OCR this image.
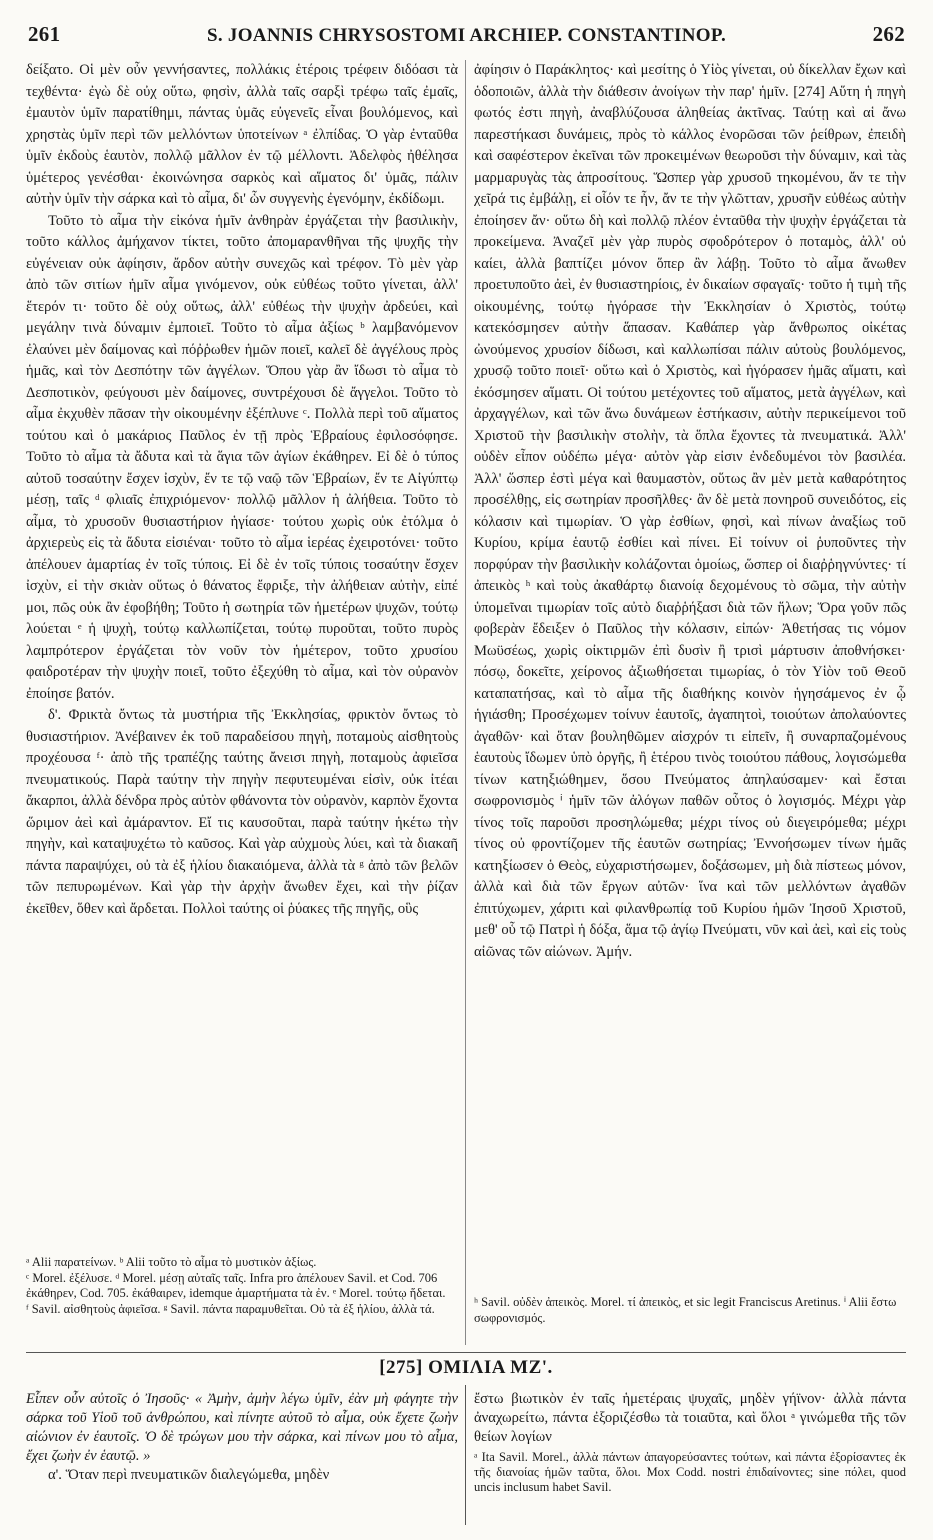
261	S. JOANNIS CHRYSOSTOMI ARCHIEP. CONSTANTINOP.	262

δείξατο. Οἱ μὲν οὖν γεννήσαντες, πολλάκις ἑτέροις τρέφειν διδόασι τὰ τεχθέντα· ἐγὼ δὲ οὐχ οὕτω, φησὶν, ἀλλὰ ταῖς σαρξὶ τρέφω ταῖς ἐμαῖς, ἐμαυτὸν ὑμῖν παρατίθημι, πάντας ὑμᾶς εὐγενεῖς εἶναι βουλόμενος, καὶ χρηστὰς ὑμῖν περὶ τῶν μελλόντων ὑποτείνων ᵃ ἐλπίδας. Ὁ γὰρ ἐνταῦθα ὑμῖν ἐκδοὺς ἑαυτὸν, πολλῷ μᾶλλον ἐν τῷ μέλλοντι. Ἀδελφὸς ἠθέλησα ὑμέτερος γενέσθαι· ἐκοινώνησα σαρκὸς καὶ αἵματος δι' ὑμᾶς, πάλιν αὐτὴν ὑμῖν τὴν σάρκα καὶ τὸ αἷμα, δι' ὧν συγγενὴς ἐγενόμην, ἐκδίδωμι.

Τοῦτο τὸ αἷμα τὴν εἰκόνα ἡμῖν ἀνθηρὰν ἐργάζεται τὴν βασιλικὴν, τοῦτο κάλλος ἀμήχανον τίκτει, τοῦτο ἀπομαρανθῆναι τῆς ψυχῆς τὴν εὐγένειαν οὐκ ἀφίησιν, ἄρδον αὐτὴν συνεχῶς καὶ τρέφον. Τὸ μὲν γὰρ ἀπὸ τῶν σιτίων ἡμῖν αἷμα γινόμενον, οὐκ εὐθέως τοῦτο γίνεται, ἀλλ' ἕτερόν τι· τοῦτο δὲ οὐχ οὕτως, ἀλλ' εὐθέως τὴν ψυχὴν ἀρδεύει, καὶ μεγάλην τινὰ δύναμιν ἐμποιεῖ. Τοῦτο τὸ αἷμα ἀξίως ᵇ λαμβανόμενον ἐλαύνει μὲν δαίμονας καὶ πόῤῥωθεν ἡμῶν ποιεῖ, καλεῖ δὲ ἀγγέλους πρὸς ἡμᾶς, καὶ τὸν Δεσπότην τῶν ἀγγέλων. Ὅπου γὰρ ἂν ἴδωσι τὸ αἷμα τὸ Δεσποτικὸν, φεύγουσι μὲν δαίμονες, συντρέχουσι δὲ ἄγγελοι. Τοῦτο τὸ αἷμα ἐκχυθὲν πᾶσαν τὴν οἰκουμένην ἐξέπλυνε ᶜ. Πολλὰ περὶ τοῦ αἵματος τούτου καὶ ὁ μακάριος Παῦλος ἐν τῇ πρὸς Ἑβραίους ἐφιλοσόφησε. Τοῦτο τὸ αἷμα τὰ ἄδυτα καὶ τὰ ἅγια τῶν ἁγίων ἐκάθηρεν. Εἰ δὲ ὁ τύπος αὐτοῦ τοσαύτην ἔσχεν ἰσχὺν, ἔν τε τῷ ναῷ τῶν Ἑβραίων, ἔν τε Αἰγύπτῳ μέσῃ, ταῖς ᵈ φλιαῖς ἐπιχριόμενον· πολλῷ μᾶλλον ἡ ἀλήθεια. Τοῦτο τὸ αἷμα, τὸ χρυσοῦν θυσιαστήριον ἡγίασε· τούτου χωρὶς οὐκ ἐτόλμα ὁ ἀρχιερεὺς εἰς τὰ ἄδυτα εἰσιέναι· τοῦτο τὸ αἷμα ἱερέας ἐχειροτόνει· τοῦτο ἀπέλουεν ἁμαρτίας ἐν τοῖς τύποις. Εἰ δὲ ἐν τοῖς τύποις τοσαύτην ἔσχεν ἰσχὺν, εἰ τὴν σκιὰν οὕτως ὁ θάνατος ἔφριξε, τὴν ἀλήθειαν αὐτὴν, εἰπέ μοι, πῶς οὐκ ἂν ἐφοβήθη; Τοῦτο ἡ σωτηρία τῶν ἡμετέρων ψυχῶν, τούτῳ λούεται ᵉ ἡ ψυχὴ, τούτῳ καλλωπίζεται, τούτῳ πυροῦται, τοῦτο πυρὸς λαμπρότερον ἐργάζεται τὸν νοῦν τὸν ἡμέτερον, τοῦτο χρυσίου φαιδροτέραν τὴν ψυχὴν ποιεῖ, τοῦτο ἐξεχύθη τὸ αἷμα, καὶ τὸν οὐρανὸν ἐποίησε βατόν.

δ'. Φρικτὰ ὄντως τὰ μυστήρια τῆς Ἐκκλησίας, φρικτὸν ὄντως τὸ θυσιαστήριον. Ἀνέβαινεν ἐκ τοῦ παραδείσου πηγὴ, ποταμοὺς αἰσθητοὺς προχέουσα ᶠ· ἀπὸ τῆς τραπέζης ταύτης ἄνεισι πηγὴ, ποταμοὺς ἀφιεῖσα πνευματικούς. Παρὰ ταύτην τὴν πηγὴν πεφυτευμέναι εἰσὶν, οὐκ ἰτέαι ἄκαρποι, ἀλλὰ δένδρα πρὸς αὐτὸν φθάνοντα τὸν οὐρανὸν, καρπὸν ἔχοντα ὥριμον ἀεὶ καὶ ἀμάραντον. Εἴ τις καυσοῦται, παρὰ ταύτην ἡκέτω τὴν πηγὴν, καὶ καταψυχέτω τὸ καῦσος. Καὶ γὰρ αὐχμοὺς λύει, καὶ τὰ διακαῆ πάντα παραψύχει, οὐ τὰ ἐξ ἡλίου διακαιόμενα, ἀλλὰ τὰ ᵍ ἀπὸ τῶν βελῶν τῶν πεπυρωμένων. Καὶ γὰρ τὴν ἀρχὴν ἄνωθεν ἔχει, καὶ τὴν ῥίζαν ἐκεῖθεν, ὅθεν καὶ ἄρδεται. Πολλοὶ ταύτης οἱ ῥύακες τῆς πηγῆς, οὓς

ἀφίησιν ὁ Παράκλητος· καὶ μεσίτης ὁ Υἱὸς γίνεται, οὐ δίκελλαν ἔχων καὶ ὁδοποιῶν, ἀλλὰ τὴν διάθεσιν ἀνοίγων τὴν παρ' ἡμῖν. [274] Αὕτη ἡ πηγὴ φωτός ἐστι πηγὴ, ἀναβλύζουσα ἀληθείας ἀκτῖνας. Ταύτῃ καὶ αἱ ἄνω παρεστήκασι δυνάμεις, πρὸς τὸ κάλλος ἐνορῶσαι τῶν ῥείθρων, ἐπειδὴ καὶ σαφέστερον ἐκεῖναι τῶν προκειμένων θεωροῦσι τὴν δύναμιν, καὶ τὰς μαρμαρυγὰς τὰς ἀπροσίτους. Ὥσπερ γὰρ χρυσοῦ τηκομένου, ἄν τε τὴν χεῖρά τις ἐμβάλῃ, εἰ οἷόν τε ἦν, ἄν τε τὴν γλῶτταν, χρυσῆν εὐθέως αὐτὴν ἐποίησεν ἄν· οὕτω δὴ καὶ πολλῷ πλέον ἐνταῦθα τὴν ψυχὴν ἐργάζεται τὰ προκείμενα. Ἀναζεῖ μὲν γὰρ πυρὸς σφοδρότερον ὁ ποταμὸς, ἀλλ' οὐ καίει, ἀλλὰ βαπτίζει μόνον ὅπερ ἂν λάβῃ. Τοῦτο τὸ αἷμα ἄνωθεν προετυποῦτο ἀεὶ, ἐν θυσιαστηρίοις, ἐν δικαίων σφαγαῖς· τοῦτο ἡ τιμὴ τῆς οἰκουμένης, τούτῳ ἠγόρασε τὴν Ἐκκλησίαν ὁ Χριστὸς, τούτῳ κατεκόσμησεν αὐτὴν ἅπασαν. Καθάπερ γὰρ ἄνθρωπος οἰκέτας ὠνούμενος χρυσίον δίδωσι, καὶ καλλωπίσαι πάλιν αὐτοὺς βουλόμενος, χρυσῷ τοῦτο ποιεῖ· οὕτω καὶ ὁ Χριστὸς, καὶ ἠγόρασεν ἡμᾶς αἵματι, καὶ ἐκόσμησεν αἵματι. Οἱ τούτου μετέχοντες τοῦ αἵματος, μετὰ ἀγγέλων, καὶ ἀρχαγγέλων, καὶ τῶν ἄνω δυνάμεων ἑστήκασιν, αὐτὴν περικείμενοι τοῦ Χριστοῦ τὴν βασιλικὴν στολὴν, τὰ ὅπλα ἔχοντες τὰ πνευματικά. Ἀλλ' οὐδὲν εἶπον οὐδέπω μέγα· αὐτὸν γὰρ εἰσιν ἐνδεδυμένοι τὸν βασιλέα. Ἀλλ' ὥσπερ ἐστὶ μέγα καὶ θαυμαστὸν, οὕτως ἂν μὲν μετὰ καθαρότητος προσέλθῃς, εἰς σωτηρίαν προσῆλθες· ἂν δὲ μετὰ πονηροῦ συνειδότος, εἰς κόλασιν καὶ τιμωρίαν. Ὁ γὰρ ἐσθίων, φησὶ, καὶ πίνων ἀναξίως τοῦ Κυρίου, κρίμα ἑαυτῷ ἐσθίει καὶ πίνει. Εἰ τοίνυν οἱ ῥυποῦντες τὴν πορφύραν τὴν βασιλικὴν κολάζονται ὁμοίως, ὥσπερ οἱ διαῤῥηγνύντες· τί ἀπεικὸς ʰ καὶ τοὺς ἀκαθάρτῳ διανοίᾳ δεχομένους τὸ σῶμα, τὴν αὐτὴν ὑπομεῖναι τιμωρίαν τοῖς αὐτὸ διαῤῥήξασι διὰ τῶν ἥλων; Ὅρα γοῦν πῶς φοβερὰν ἔδειξεν ὁ Παῦλος τὴν κόλασιν, εἰπών· Ἀθετήσας τις νόμον Μωϋσέως, χωρὶς οἰκτιρμῶν ἐπὶ δυσὶν ἢ τρισὶ μάρτυσιν ἀποθνήσκει· πόσῳ, δοκεῖτε, χείρονος ἀξιωθήσεται τιμωρίας, ὁ τὸν Υἱὸν τοῦ Θεοῦ καταπατήσας, καὶ τὸ αἷμα τῆς διαθήκης κοινὸν ἡγησάμενος ἐν ᾧ ἡγιάσθη; Προσέχωμεν τοίνυν ἑαυτοῖς, ἀγαπητοὶ, τοιούτων ἀπολαύοντες ἀγαθῶν· καὶ ὅταν βουληθῶμεν αἰσχρόν τι εἰπεῖν, ἢ συναρπαζομένους ἑαυτοὺς ἴδωμεν ὑπὸ ὀργῆς, ἢ ἑτέρου τινὸς τοιούτου πάθους, λογισώμεθα τίνων κατηξιώθημεν, ὅσου Πνεύματος ἀπηλαύσαμεν· καὶ ἔσται σωφρονισμὸς ⁱ ἡμῖν τῶν ἀλόγων παθῶν οὗτος ὁ λογισμός. Μέχρι γὰρ τίνος τοῖς παροῦσι προσηλώμεθα; μέχρι τίνος οὐ διεγειρόμεθα; μέχρι τίνος οὐ φροντίζομεν τῆς ἑαυτῶν σωτηρίας; Ἐννοήσωμεν τίνων ἡμᾶς κατηξίωσεν ὁ Θεὸς, εὐχαριστήσωμεν, δοξάσωμεν, μὴ διὰ πίστεως μόνον, ἀλλὰ καὶ διὰ τῶν ἔργων αὐτῶν· ἵνα καὶ τῶν μελλόντων ἀγαθῶν ἐπιτύχωμεν, χάριτι καὶ φιλανθρωπίᾳ τοῦ Κυρίου ἡμῶν Ἰησοῦ Χριστοῦ, μεθ' οὗ τῷ Πατρὶ ἡ δόξα, ἅμα τῷ ἁγίῳ Πνεύματι, νῦν καὶ ἀεὶ, καὶ εἰς τοὺς αἰῶνας τῶν αἰώνων. Ἀμήν.

ᵃ Alii παρατείνων. ᵇ Alii τοῦτο τὸ αἷμα τὸ μυστικὸν ἀξίως.
ᶜ Morel. ἐξέλυσε. ᵈ Morel. μέσῃ αὐταῖς ταῖς. Infra pro ἀπέλουεν Savil. et Cod. 706 ἐκάθηρεν, Cod. 705. ἐκάθαιρεν, idemque ἁμαρτήματα τὰ ἐν. ᵉ Morel. τούτῳ ἥδεται.
ᶠ Savil. αἰσθητοὺς ἀφιεῖσα. ᵍ Savil. πάντα παραμυθεῖται. Οὐ τὰ ἐξ ἡλίου, ἀλλὰ τά.	ʰ Savil. οὐδὲν ἀπεικὸς. Morel. τί ἀπεικὸς, et sic legit Franciscus Aretinus. ⁱ Alii ἔστω σωφρονισμός.
[275] ΟΜΙΛΙΑ ΜΖ'.

Εἶπεν οὖν αὐτοῖς ὁ Ἰησοῦς· « Ἀμὴν, ἀμὴν λέγω ὑμῖν, ἐὰν μὴ φάγητε τὴν σάρκα τοῦ Υἱοῦ τοῦ ἀνθρώπου, καὶ πίνητε αὐτοῦ τὸ αἷμα, οὐκ ἔχετε ζωὴν αἰώνιον ἐν ἑαυτοῖς. Ὁ δὲ τρώγων μου τὴν σάρκα, καὶ πίνων μου τὸ αἷμα, ἔχει ζωὴν ἐν ἑαυτῷ. »

α'. Ὅταν περὶ πνευματικῶν διαλεγώμεθα, μηδὲν

ἔστω βιωτικὸν ἐν ταῖς ἡμετέραις ψυχαῖς, μηδὲν γήϊνον· ἀλλὰ πάντα ἀναχωρείτω, πάντα ἐξοριζέσθω τὰ τοιαῦτα, καὶ ὅλοι ᵃ γινώμεθα τῆς τῶν θείων λογίων

ᵃ Ita Savil. Morel., ἀλλὰ πάντων ἀπαγορεύσαντες τούτων, καὶ πάντα ἐξορίσαντες ἐκ τῆς διανοίας ἡμῶν ταῦτα, ὅλοι. Mox Codd. nostri ἐπιδαίνοντες; sine πόλει, quod uncis inclusum habet Savil.
